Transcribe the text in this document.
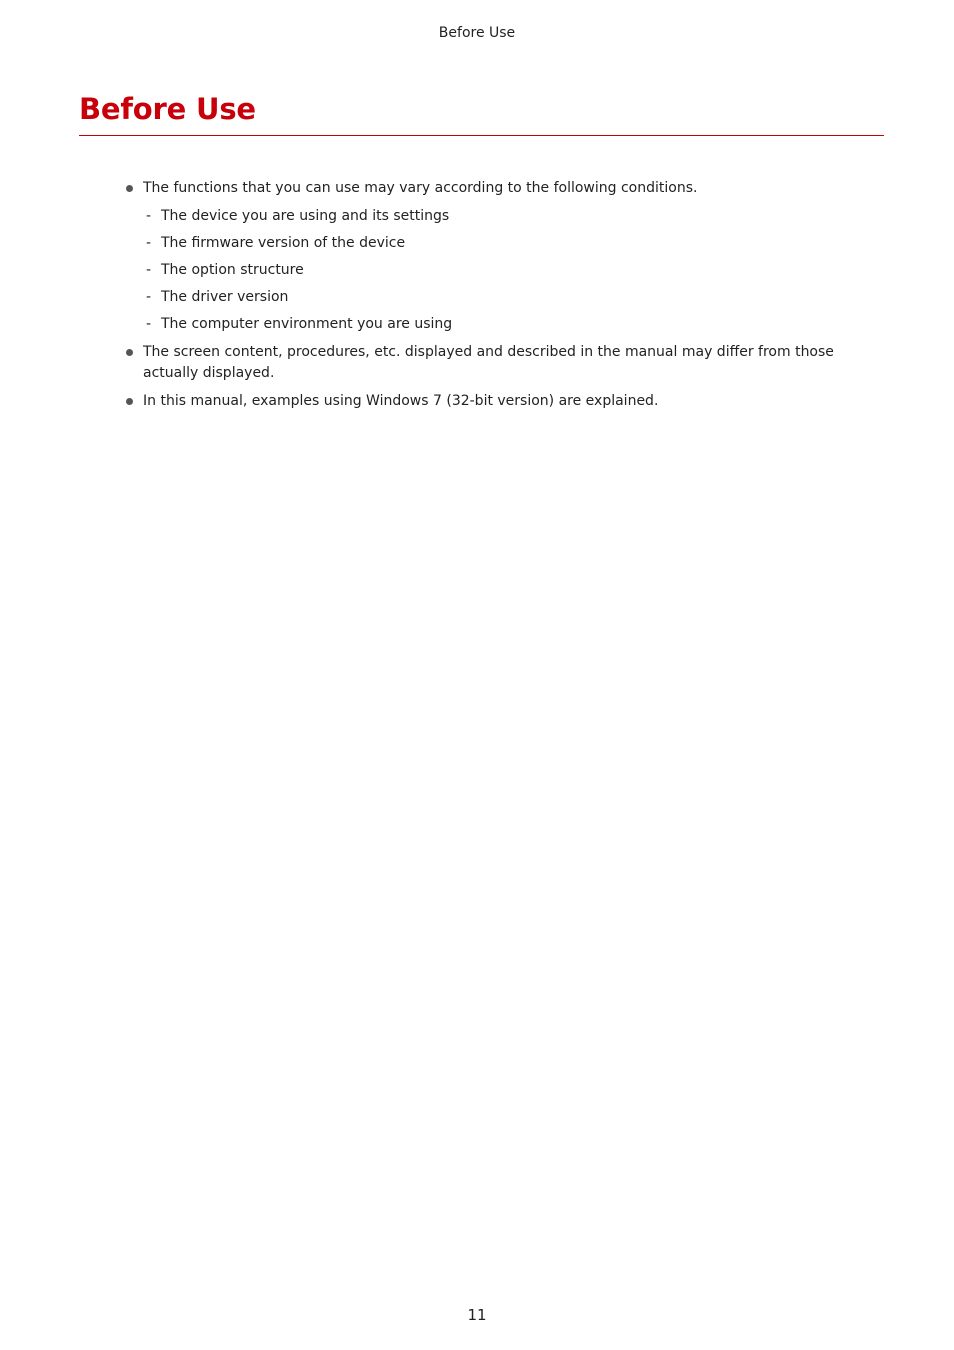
Before Use
Before Use
The functions that you can use may vary according to the following conditions.
- The device you are using and its settings
- The firmware version of the device
- The option structure
- The driver version
- The computer environment you are using
The screen content, procedures, etc. displayed and described in the manual may differ from those actually displayed.
In this manual, examples using Windows 7 (32-bit version) are explained.
11
